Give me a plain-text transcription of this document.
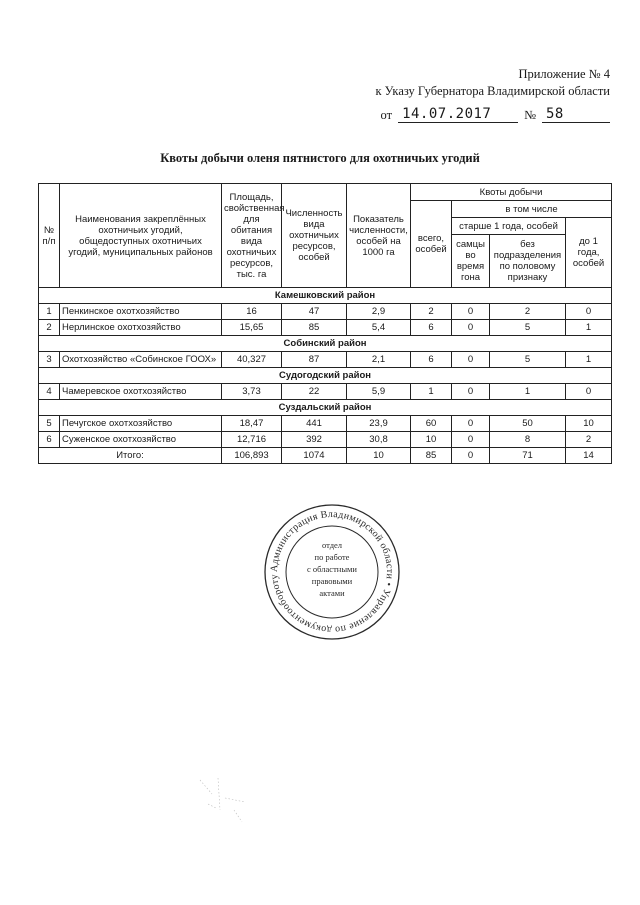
Приложение № 4
к Указу Губернатора Владимирской области
от 14.07.2017	№ 58
Квоты добычи оленя пятнистого для охотничьих угодий
№ п/п	Наименования закреплённых охотничьих угодий, общедоступных охотничьих угодий, муниципальных районов	Площадь, свойственная для обитания вида охотничьих ресурсов, тыс. га	Численность вида охотничьих ресурсов, особей	Показатель численности, особей на 1000 га	Квоты добычи			
					всего, особей	в том числе		
						старше 1 года, особей		до 1 года, особей
						самцы во время гона	без подразделения по половому признаку	
Камешковский район								
1	Пенкинское охотхозяйство	16	47	2,9	2	0	2	0
2	Нерлинское охотхозяйство	15,65	85	5,4	6	0	5	1
Собинский район								
3	Охотхозяйство «Собинское ГООХ»	40,327	87	2,1	6	0	5	1
Судогодский район								
4	Чамеревское охотхозяйство	3,73	22	5,9	1	0	1	0
Суздальский район								
5	Печугское охотхозяйство	18,47	441	23,9	60	0	50	10
6	Суженское охотхозяйство	12,716	392	30,8	10	0	8	2
Итого:		106,893	1074	10	85	0	71	14
Администрация Владимирской области • Управление по документообороту
отдел
по работе
с областными
правовыми
актами
